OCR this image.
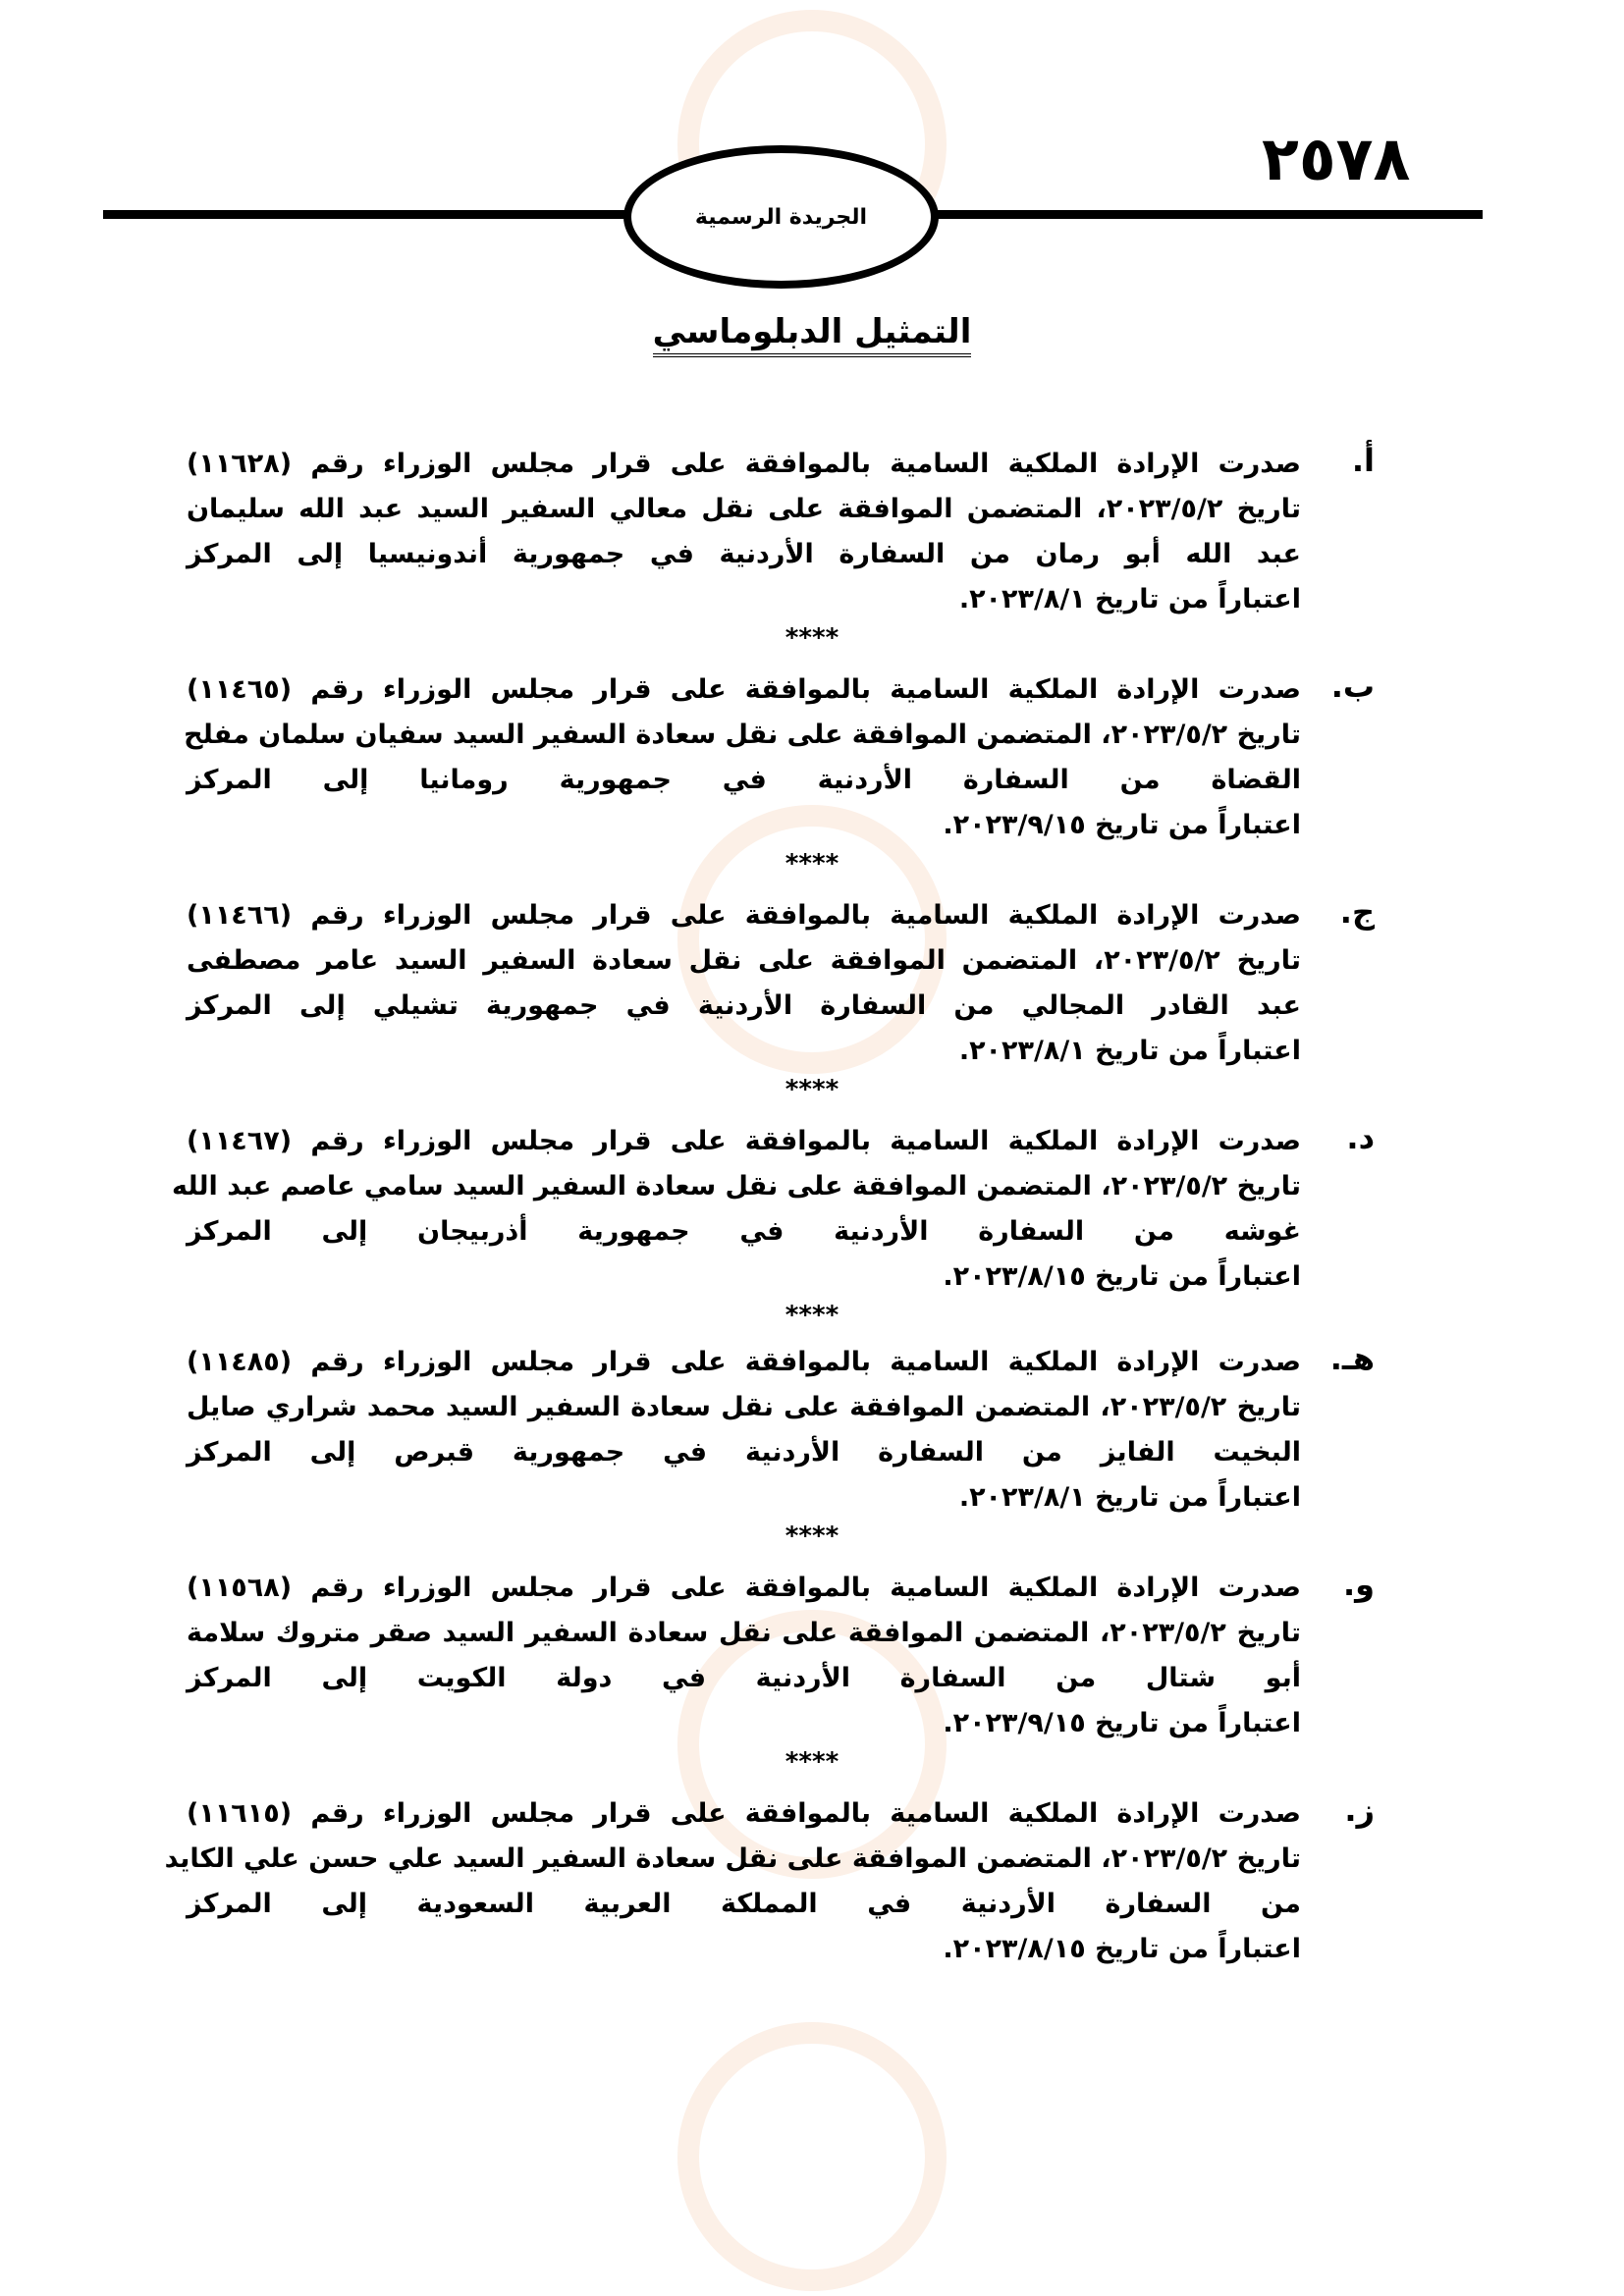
٢٥٧٨
الجريدة الرسمية
التمثيل الدبلوماسي
أ.
صدرت الإرادة الملكية السامية بالموافقة على قرار مجلس الوزراء رقم (١١٦٢٨)
تاريخ ٢٠٢٣/٥/٢، المتضمن الموافقة على نقل معالي السفير السيد عبد الله سليمان
عبد الله أبو رمان من السفارة الأردنية في جمهورية أندونيسيا إلى المركز
اعتباراً من تاريخ ٢٠٢٣/٨/١.
****
ب.
صدرت الإرادة الملكية السامية بالموافقة على قرار مجلس الوزراء رقم (١١٤٦٥)
تاريخ ٢٠٢٣/٥/٢، المتضمن الموافقة على نقل سعادة السفير السيد سفيان سلمان مفلح
القضاة من السفارة الأردنية في جمهورية رومانيا إلى المركز
اعتباراً من تاريخ ٢٠٢٣/٩/١٥.
****
ج.
صدرت الإرادة الملكية السامية بالموافقة على قرار مجلس الوزراء رقم (١١٤٦٦)
تاريخ ٢٠٢٣/٥/٢، المتضمن الموافقة على نقل سعادة السفير السيد عامر مصطفى
عبد القادر المجالي من السفارة الأردنية في جمهورية تشيلي إلى المركز
اعتباراً من تاريخ ٢٠٢٣/٨/١.
****
د.
صدرت الإرادة الملكية السامية بالموافقة على قرار مجلس الوزراء رقم (١١٤٦٧)
تاريخ ٢٠٢٣/٥/٢، المتضمن الموافقة على نقل سعادة السفير السيد سامي عاصم عبد الله
غوشه من السفارة الأردنية في جمهورية أذربيجان إلى المركز
اعتباراً من تاريخ ٢٠٢٣/٨/١٥.
****
هـ.
صدرت الإرادة الملكية السامية بالموافقة على قرار مجلس الوزراء رقم (١١٤٨٥)
تاريخ ٢٠٢٣/٥/٢، المتضمن الموافقة على نقل سعادة السفير السيد محمد شراري صايل
البخيت الفايز من السفارة الأردنية في جمهورية قبرص إلى المركز
اعتباراً من تاريخ ٢٠٢٣/٨/١.
****
و.
صدرت الإرادة الملكية السامية بالموافقة على قرار مجلس الوزراء رقم (١١٥٦٨)
تاريخ ٢٠٢٣/٥/٢، المتضمن الموافقة على نقل سعادة السفير السيد صقر متروك سلامة
أبو شتال من السفارة الأردنية في دولة الكويت إلى المركز
اعتباراً من تاريخ ٢٠٢٣/٩/١٥.
****
ز.
صدرت الإرادة الملكية السامية بالموافقة على قرار مجلس الوزراء رقم (١١٦١٥)
تاريخ ٢٠٢٣/٥/٢، المتضمن الموافقة على نقل سعادة السفير السيد علي حسن علي الكايد
من السفارة الأردنية في المملكة العربية السعودية إلى المركز
اعتباراً من تاريخ ٢٠٢٣/٨/١٥.
